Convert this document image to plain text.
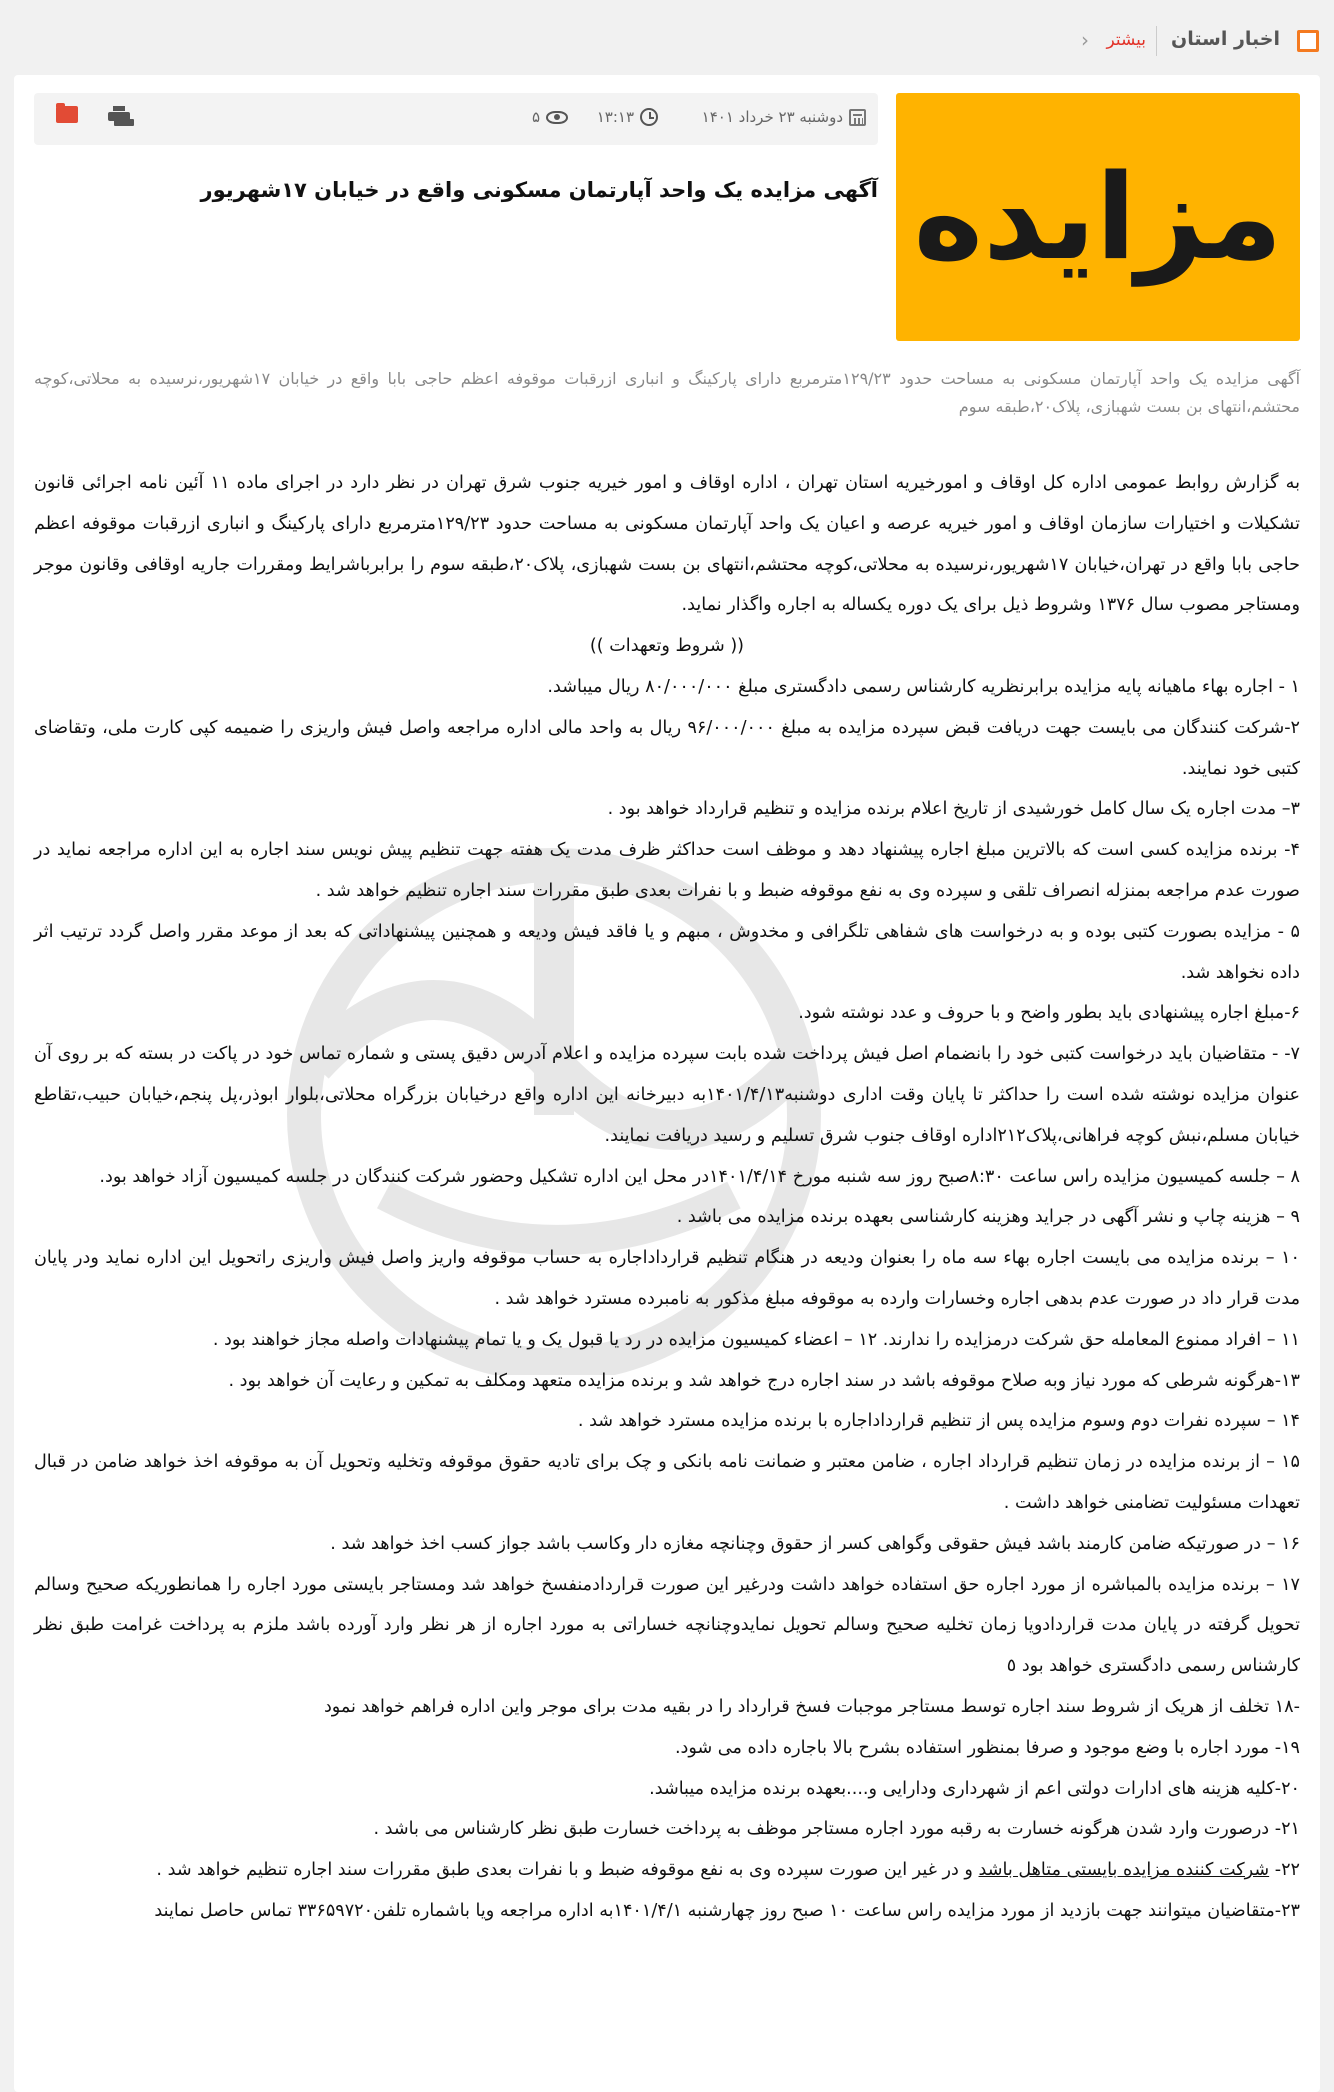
اخبار استان
بیشتر
‹
مزایده
دوشنبه ۲۳ خرداد ۱۴۰۱
۱۳:۱۳
۵
آگهی مزایده یک واحد آپارتمان مسکونی واقع در خیابان ۱۷شهریور

آگهی مزایده یک واحد آپارتمان مسکونی به مساحت حدود ۱۲۹/۲۳مترمربع دارای پارکینگ و انباری ازرقبات موقوفه اعظم حاجی بابا واقع در خیابان ۱۷شهریور،نرسیده به محلاتی،کوچه محتشم،انتهای بن بست شهبازی، پلاک۲۰،طبقه سوم

به گزارش روابط عمومی اداره کل اوقاف و امورخیریه استان تهران ، اداره اوقاف و امور خیریه جنوب شرق تهران در نظر دارد در اجرای ماده ۱۱ آئین نامه اجرائی قانون تشکیلات و اختیارات سازمان اوقاف و امور خیریه عرصه و اعیان یک واحد آپارتمان مسکونی به مساحت حدود ۱۲۹/۲۳مترمربع دارای پارکینگ و انباری ازرقبات موقوفه اعظم حاجی بابا واقع در تهران،خیابان ۱۷شهریور،نرسیده به محلاتی،کوچه محتشم،انتهای بن بست شهبازی، پلاک۲۰،طبقه سوم را برابرباشرایط ومقررات جاریه اوقافی وقانون موجر ومستاجر مصوب سال ۱۳۷۶ وشروط ذیل برای یک دوره یکساله به اجاره واگذار نماید.

(( شروط وتعهدات ))

۱ - اجاره بهاء ماهیانه پایه مزایده برابرنظریه کارشناس رسمی دادگستری مبلغ ۸۰/۰۰۰/۰۰۰ ریال میباشد.

۲-شرکت کنندگان می بایست جهت دریافت قبض سپرده مزایده به مبلغ ۹۶/۰۰۰/۰۰۰ ریال به واحد مالی اداره مراجعه واصل فیش واریزی را ضمیمه کپی کارت ملی، وتقاضای کتبی خود نمایند.

۳– مدت اجاره یک سال کامل خورشیدی از تاریخ اعلام برنده مزایده و تنظیم قرارداد خواهد بود .

۴- برنده مزایده کسی است که بالاترین مبلغ اجاره پیشنهاد دهد و موظف است حداکثر ظرف مدت یک هفته جهت تنظیم پیش نویس سند اجاره به این اداره مراجعه نماید در صورت عدم مراجعه بمنزله انصراف تلقی و سپرده وی به نفع موقوفه ضبط و با نفرات بعدی طبق مقررات سند اجاره تنظیم خواهد شد .

۵ - مزایده بصورت کتبی بوده و به درخواست های شفاهی تلگرافی و مخدوش ، مبهم و یا فاقد فیش ودیعه و همچنین پیشنهاداتی که بعد از موعد مقرر واصل گردد ترتیب اثر داده نخواهد شد.

۶-مبلغ اجاره پیشنهادی باید بطور واضح و با حروف و عدد نوشته شود.

۷- - متقاضیان باید درخواست کتبی خود را بانضمام اصل فیش پرداخت شده بابت سپرده مزایده و اعلام آدرس دقیق پستی و شماره تماس خود در پاکت در بسته که بر روی آن عنوان مزایده نوشته شده است را حداکثر تا پایان وقت اداری دوشنبه۱۴۰۱/۴/۱۳به دبیرخانه این اداره واقع درخیابان بزرگراه محلاتی،بلوار ابوذر،پل پنجم،خیابان حبیب،تقاطع خیابان مسلم،نبش کوچه فراهانی،پلاک۲۱۲اداره اوقاف جنوب شرق تسلیم و رسید دریافت نمایند.

۸ – جلسه کمیسیون مزایده راس ساعت ۸:۳۰صبح روز سه شنبه مورخ ۱۴۰۱/۴/۱۴در محل این اداره تشکیل وحضور شرکت کنندگان در جلسه کمیسیون آزاد خواهد بود.

۹ – هزینه چاپ و نشر آگهی در جراید وهزینه کارشناسی بعهده برنده مزایده می باشد .

۱۰ – برنده مزایده می بایست اجاره بهاء سه ماه را بعنوان ودیعه در هنگام تنظیم قرارداداجاره به حساب موقوفه واریز واصل فیش واریزی راتحویل این اداره نماید ودر پایان مدت قرار داد در صورت عدم بدهی اجاره وخسارات وارده به موقوفه مبلغ مذکور به نامبرده مسترد خواهد شد .

۱۱ – افراد ممنوع المعامله حق شرکت درمزایده را ندارند. ۱۲ – اعضاء کمیسیون مزایده در رد یا قبول یک و یا تمام پیشنهادات واصله مجاز خواهند بود .

۱۳-هرگونه شرطی که مورد نیاز وبه صلاح موقوفه باشد در سند اجاره درج خواهد شد و برنده مزایده متعهد ومکلف به تمکین و رعایت آن خواهد بود .

۱۴ – سپرده نفرات دوم وسوم مزایده پس از تنظیم قرارداداجاره با برنده مزایده مسترد خواهد شد .

۱۵ – از برنده مزایده در زمان تنظیم قرارداد اجاره ، ضامن معتبر و ضمانت نامه بانکی و چک برای تادیه حقوق موقوفه وتخلیه وتحویل آن به موقوفه اخذ خواهد ضامن در قبال تعهدات مسئولیت تضامنی خواهد داشت .

۱۶ – در صورتیکه ضامن کارمند باشد فیش حقوقی وگواهی کسر از حقوق وچنانچه مغازه دار وکاسب باشد جواز کسب اخذ خواهد شد .

۱۷ – برنده مزایده بالمباشره از مورد اجاره حق استفاده خواهد داشت ودرغیر این صورت قراردادمنفسخ خواهد شد ومستاجر بایستی مورد اجاره را همانطوریکه صحیح وسالم تحویل گرفته در پایان مدت قراردادویا زمان تخلیه صحیح وسالم تحویل نمایدوچنانچه خساراتی به مورد اجاره از هر نظر وارد آورده باشد ملزم به پرداخت غرامت طبق نظر کارشناس رسمی دادگستری خواهد بود ٥

-۱۸ تخلف از هریک از شروط سند اجاره توسط مستاجر موجبات فسخ قرارداد را در بقیه مدت برای موجر واین اداره فراهم خواهد نمود

۱۹- مورد اجاره با وضع موجود و صرفا بمنظور استفاده بشرح بالا باجاره داده می شود.

۲۰-کلیه هزینه های ادارات دولتی اعم از شهرداری ودارایی و....بعهده برنده مزایده میباشد.

۲۱- درصورت وارد شدن هرگونه خسارت به رقبه مورد اجاره مستاجر موظف به پرداخت خسارت طبق نظر کارشناس می باشد .

۲۲- شرکت کننده مزایده بایستی متاهل باشد و در غیر این صورت سپرده وی به نفع موقوفه ضبط و با نفرات بعدی طبق مقررات سند اجاره تنظیم خواهد شد .

۲۳-متقاضیان میتوانند جهت بازدید از مورد مزایده راس ساعت ۱۰ صبح روز چهارشنبه ۱۴۰۱/۴/۱به اداره مراجعه ویا باشماره تلفن۳۳۶۵۹۷۲۰ تماس حاصل نمایند
